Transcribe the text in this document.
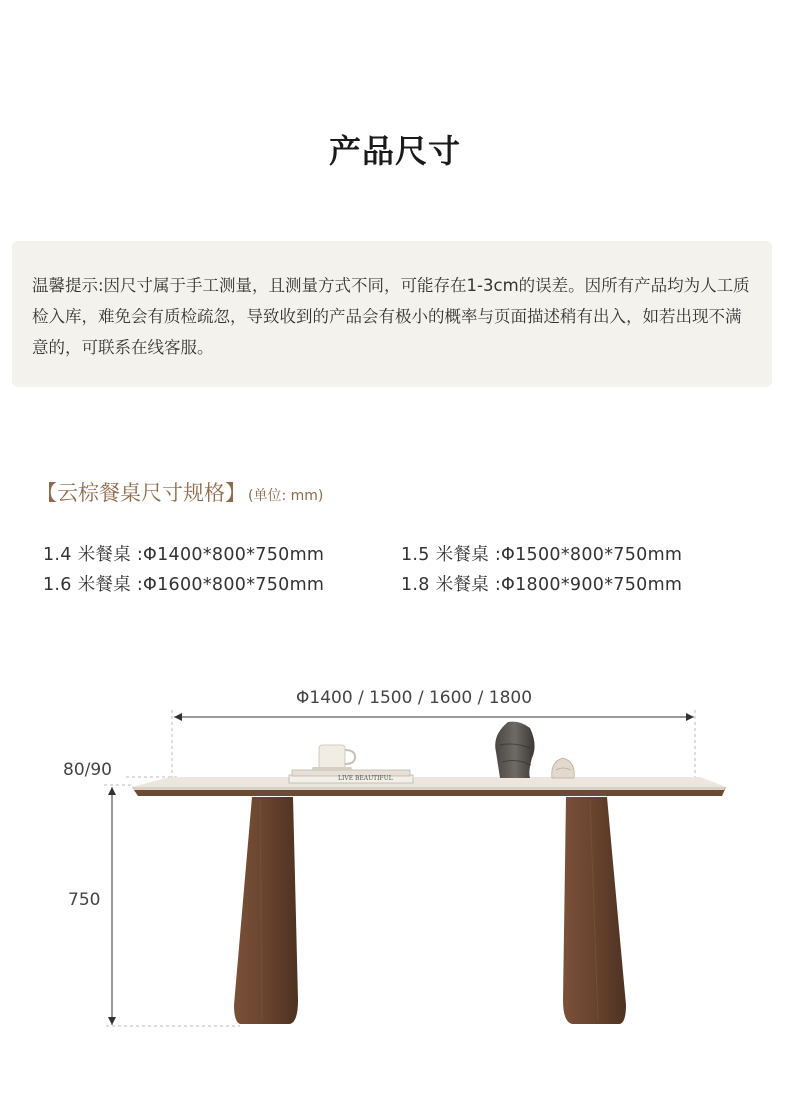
产品尺寸
温馨提示:因尺寸属于手工测量，且测量方式不同，可能存在1-3cm的误差。因所有产品均为人工质检入库，难免会有质检疏忽，导致收到的产品会有极小的概率与页面描述稍有出入，如若出现不满意的，可联系在线客服。
【云棕餐桌尺寸规格】 (单位: mm)
1.4 米餐桌 :Φ1400*800*750mm	1.5 米餐桌 :Φ1500*800*750mm
1.6 米餐桌 :Φ1600*800*750mm	1.8 米餐桌 :Φ1800*900*750mm
Φ1400 / 1500 / 1600 / 1800
80/90
750
LIVE BEAUTIFUL
